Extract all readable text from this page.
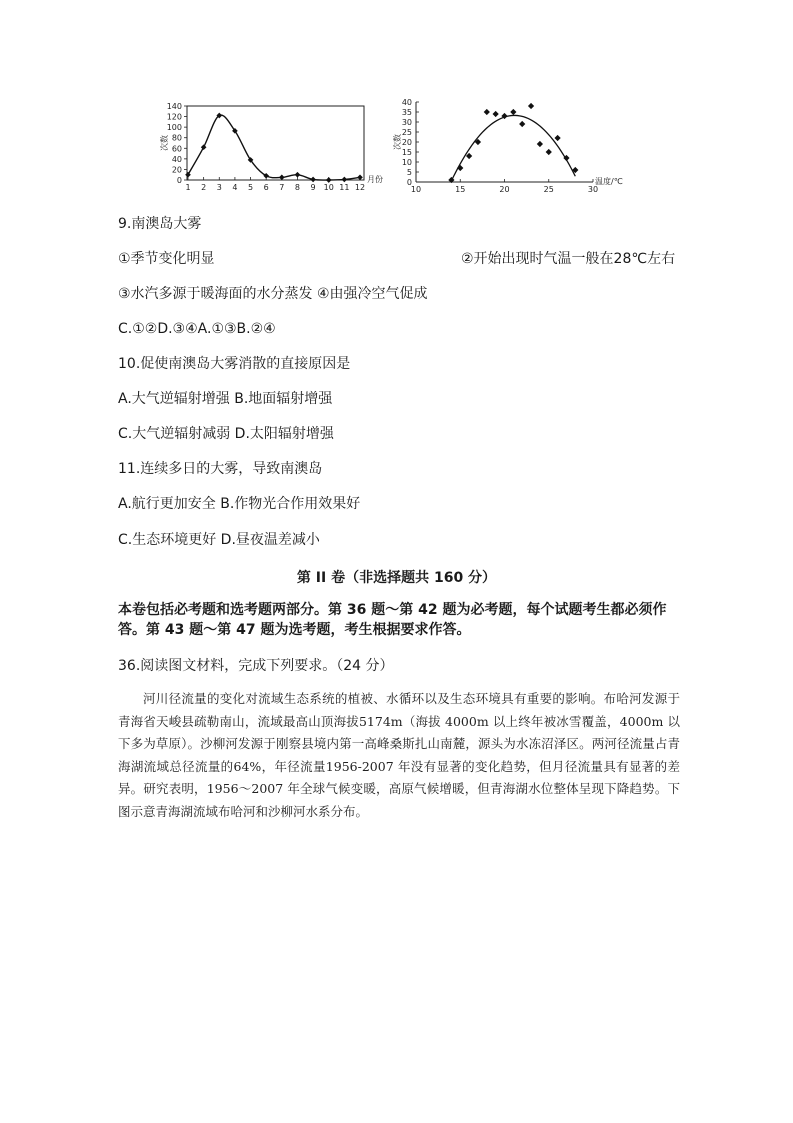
0
20
40
60
80
100
120
140
1 2 3 4 5 6 7 8 9 10 11 12
次数
月份	0
5
10
15
20
25
30
35
40
10	15	20	25	30
次数
温度/℃
9.南澳岛大雾
①季节变化明显	②开始出现时气温一般在28℃左右
③水汽多源于暖海面的水分蒸发 ④由强冷空气促成
C.①②D.③④A.①③B.②④
10.促使南澳岛大雾消散的直接原因是
A.大气逆辐射增强 B.地面辐射增强
C.大气逆辐射减弱 D.太阳辐射增强
11.连续多日的大雾，导致南澳岛
A.航行更加安全 B.作物光合作用效果好
C.生态环境更好 D.昼夜温差减小
第 II 卷（非选择题共 160 分）
本卷包括必考题和选考题两部分。第 36 题～第 42 题为必考题，每个试题考生都必须作答。第 43 题～第 47 题为选考题，考生根据要求作答。
36.阅读图文材料，完成下列要求。（24 分）
河川径流量的变化对流域生态系统的植被、水循环以及生态环境具有重要的影响。布哈河发源于青海省天峻县疏勒南山，流域最高山顶海拔5174m（海拔 4000m 以上终年被冰雪覆盖，4000m 以下多为草原）。沙柳河发源于刚察县境内第一高峰桑斯扎山南麓，源头为水冻沼泽区。两河径流量占青海湖流域总径流量的64%，年径流量1956-2007 年没有显著的变化趋势，但月径流量具有显著的差异。研究表明，1956～2007 年全球气候变暖，高原气候增暖，但青海湖水位整体呈现下降趋势。下图示意青海湖流域布哈河和沙柳河水系分布。
